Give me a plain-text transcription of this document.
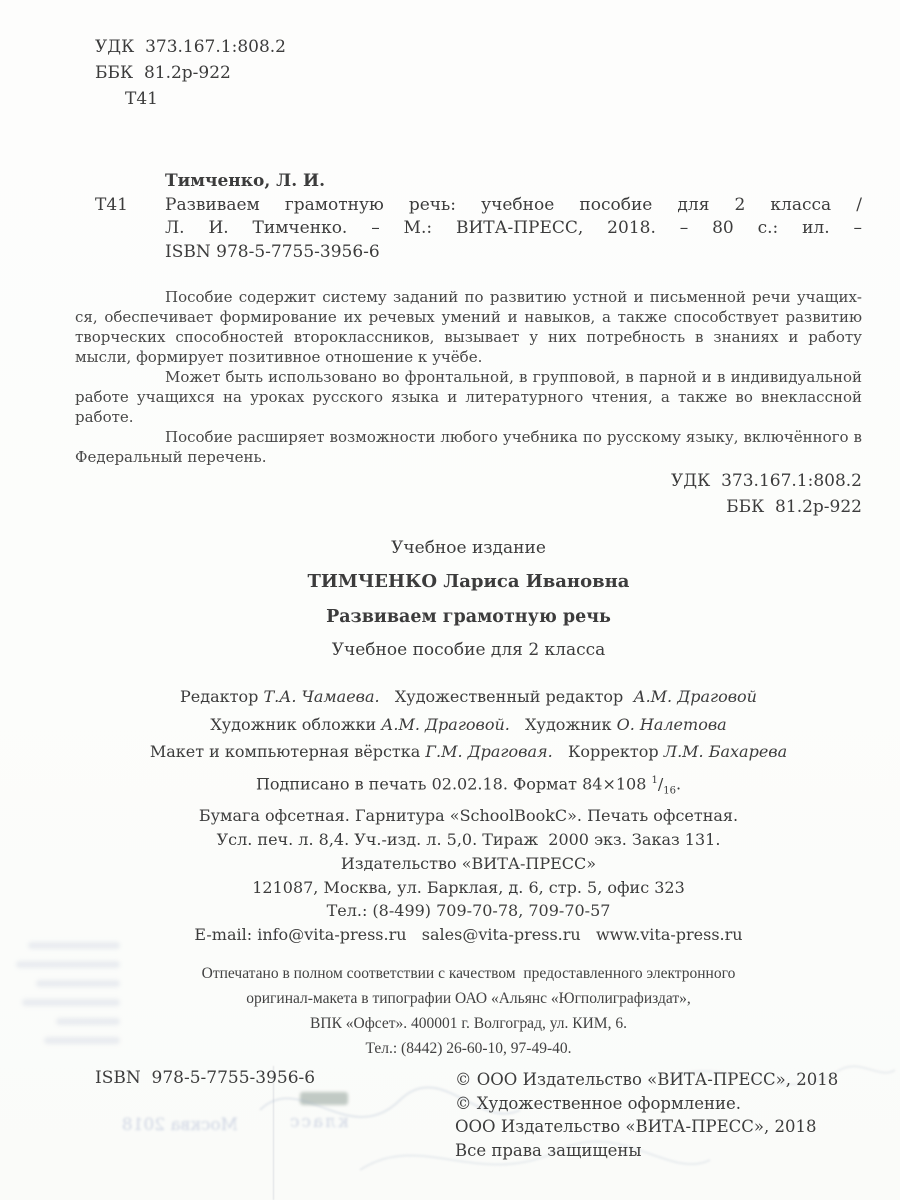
Москва 2018	класс
УДК  373.167.1:808.2
ББК  81.2р-922
Т41
Тимченко, Л. И.
Т41 Развиваем грамотную речь: учебное пособие для 2 класса /
Л. И. Тимченко. – М.: ВИТА-ПРЕСС, 2018. – 80 с.: ил. –
ISBN 978-5-7755-3956-6
Пособие содержит систему заданий по развитию устной и письменной речи учащих-
ся, обеспечивает формирование их речевых умений и навыков, а также способствует развитию
творческих способностей второклассников, вызывает у них потребность в знаниях и работу
мысли, формирует позитивное отношение к учёбе.
Может быть использовано во фронтальной, в групповой, в парной и в индивидуальной
работе учащихся на уроках русского языка и литературного чтения, а также во внеклассной
работе.
Пособие расширяет возможности любого учебника по русскому языку, включённого в
Федеральный перечень.
УДК  373.167.1:808.2
ББК  81.2р-922
Учебное издание
ТИМЧЕНКО Лариса Ивановна
Развиваем грамотную речь
Учебное пособие для 2 класса
Редактор Т.А. Чамаева.   Художественный редактор  А.М. Драговой
Художник обложки А.М. Драговой.   Художник О. Налетова
Макет и компьютерная вёрстка Г.М. Драговая.   Корректор Л.М. Бахарева
Подписано в печать 02.02.18. Формат 84×108 $^1/_{16}$.
Бумага офсетная. Гарнитура «SchoolBookC». Печать офсетная.
Усл. печ. л. 8,4. Уч.-изд. л. 5,0. Тираж  2000 экз. Заказ 131.
Издательство «ВИТА-ПРЕСС»
121087, Москва, ул. Барклая, д. 6, стр. 5, офис 323
Тел.: (8-499) 709-70-78, 709-70-57
E-mail: info@vita-press.ru   sales@vita-press.ru   www.vita-press.ru
Отпечатано в полном соответствии с качеством  предоставленного электронного
оригинал-макета в типографии ОАО «Альянс «Югполиграфиздат»,
ВПК «Офсет». 400001 г. Волгоград, ул. КИМ, 6.
Тел.: (8442) 26-60-10, 97-49-40.
ISBN  978-5-7755-3956-6	© ООО Издательство «ВИТА-ПРЕСС», 2018
© Художественное оформление.
ООО Издательство «ВИТА-ПРЕСС», 2018
Все права защищены
